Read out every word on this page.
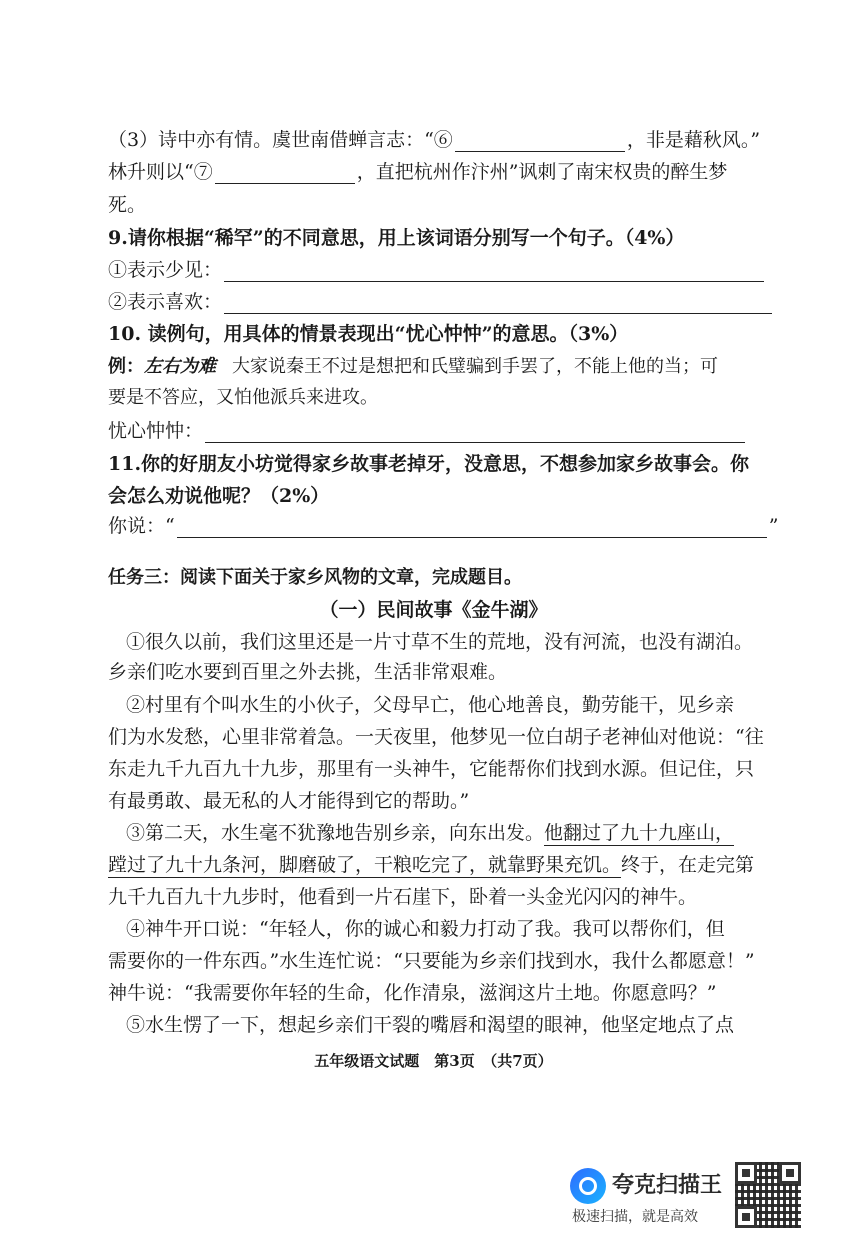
（3）诗中亦有情。虞世南借蝉言志：“⑥	，非是藉秋风。”
林升则以“⑦	，直把杭州作汴州”讽刺了南宋权贵的醉生梦
死。
9.请你根据“稀罕”的不同意思，用上该词语分别写一个句子。（4%）
①表示少见：
②表示喜欢：
10. 读例句，用具体的情景表现出“忧心忡忡”的意思。（3%）
例：左右为难 大家说秦王不过是想把和氏璧骗到手罢了，不能上他的当；可
要是不答应，又怕他派兵来进攻。
忧心忡忡：
11.你的好朋友小坊觉得家乡故事老掉牙，没意思，不想参加家乡故事会。你
会怎么劝说他呢？（2%）
你说：“	”
任务三：阅读下面关于家乡风物的文章，完成题目。
（一）民间故事《金牛湖》
①很久以前，我们这里还是一片寸草不生的荒地，没有河流，也没有湖泊。
乡亲们吃水要到百里之外去挑，生活非常艰难。
②村里有个叫水生的小伙子，父母早亡，他心地善良，勤劳能干，见乡亲
们为水发愁，心里非常着急。一天夜里，他梦见一位白胡子老神仙对他说：“往
东走九千九百九十九步，那里有一头神牛，它能帮你们找到水源。但记住，只
有最勇敢、最无私的人才能得到它的帮助。”
③第二天，水生毫不犹豫地告别乡亲，向东出发。他翻过了九十九座山，
蹚过了九十九条河，脚磨破了，干粮吃完了，就靠野果充饥。终于，在走完第
九千九百九十九步时，他看到一片石崖下，卧着一头金光闪闪的神牛。
④神牛开口说：“年轻人，你的诚心和毅力打动了我。我可以帮你们，但
需要你的一件东西。”水生连忙说：“只要能为乡亲们找到水，我什么都愿意！”
神牛说：“我需要你年轻的生命，化作清泉，滋润这片土地。你愿意吗？”
⑤水生愣了一下，想起乡亲们干裂的嘴唇和渴望的眼神，他坚定地点了点
五年级语文试题　第3页　（共7页）
夸克扫描王
极速扫描，就是高效
